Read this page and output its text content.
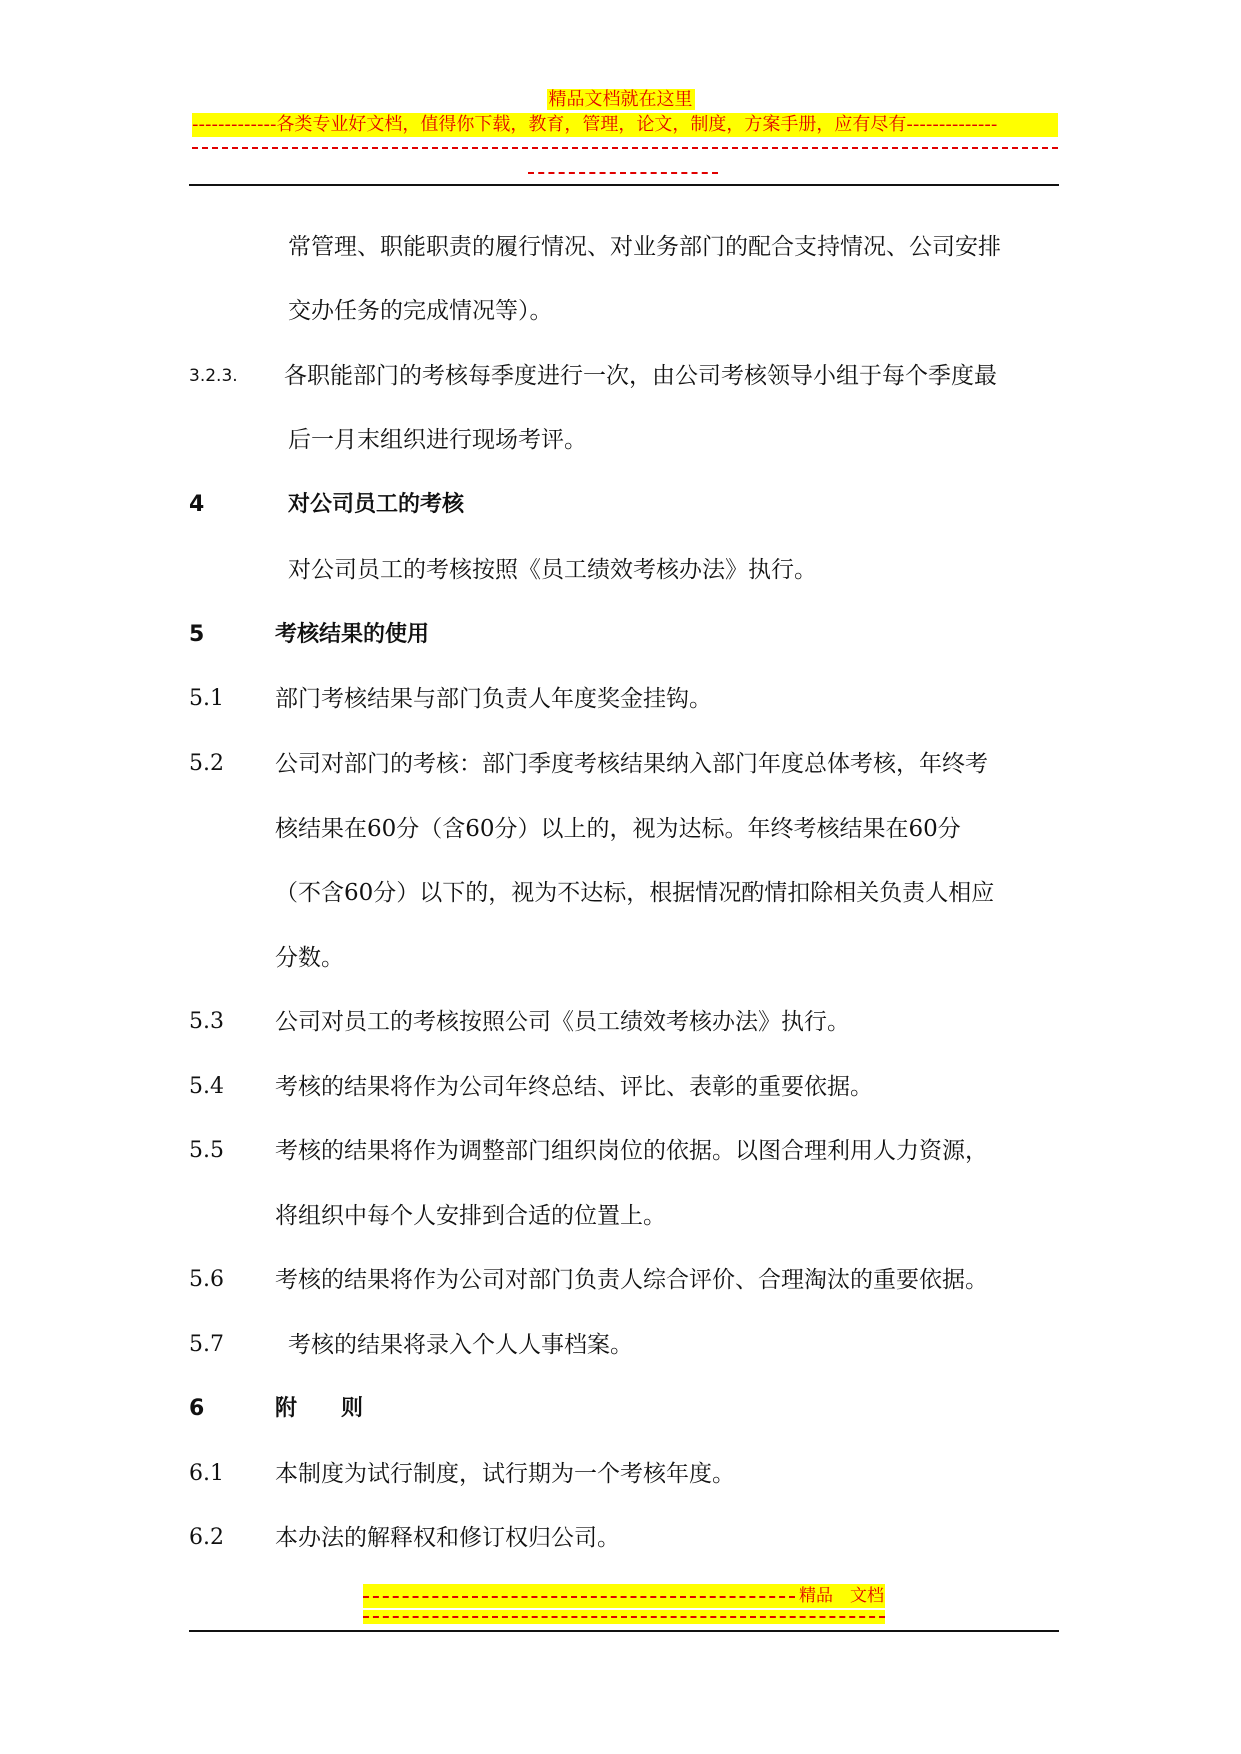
精品文档就在这里
-------------各类专业好文档，值得你下载，教育，管理，论文，制度，方案手册，应有尽有--------------
常管理、职能职责的履行情况、对业务部门的配合支持情况、公司安排
交办任务的完成情况等）。
3.2.3. 各职能部门的考核每季度进行一次，由公司考核领导小组于每个季度最
后一月末组织进行现场考评。
4	对公司员工的考核
对公司员工的考核按照《员工绩效考核办法》执行。
5	考核结果的使用
5.1 部门考核结果与部门负责人年度奖金挂钩。
5.2 公司对部门的考核：部门季度考核结果纳入部门年度总体考核，年终考
核结果在60分（含60分）以上的，视为达标。年终考核结果在60分
（不含60分）以下的，视为不达标，根据情况酌情扣除相关负责人相应
分数。
5.3 公司对员工的考核按照公司《员工绩效考核办法》执行。
5.4 考核的结果将作为公司年终总结、评比、表彰的重要依据。
5.5 考核的结果将作为调整部门组织岗位的依据。以图合理利用人力资源，
将组织中每个人安排到合适的位置上。
5.6 考核的结果将作为公司对部门负责人综合评价、合理淘汰的重要依据。
5.7	考核的结果将录入个人人事档案。
6	附　　则
6.1 本制度为试行制度，试行期为一个考核年度。
6.2 本办法的解释权和修订权归公司。
精品　文档
